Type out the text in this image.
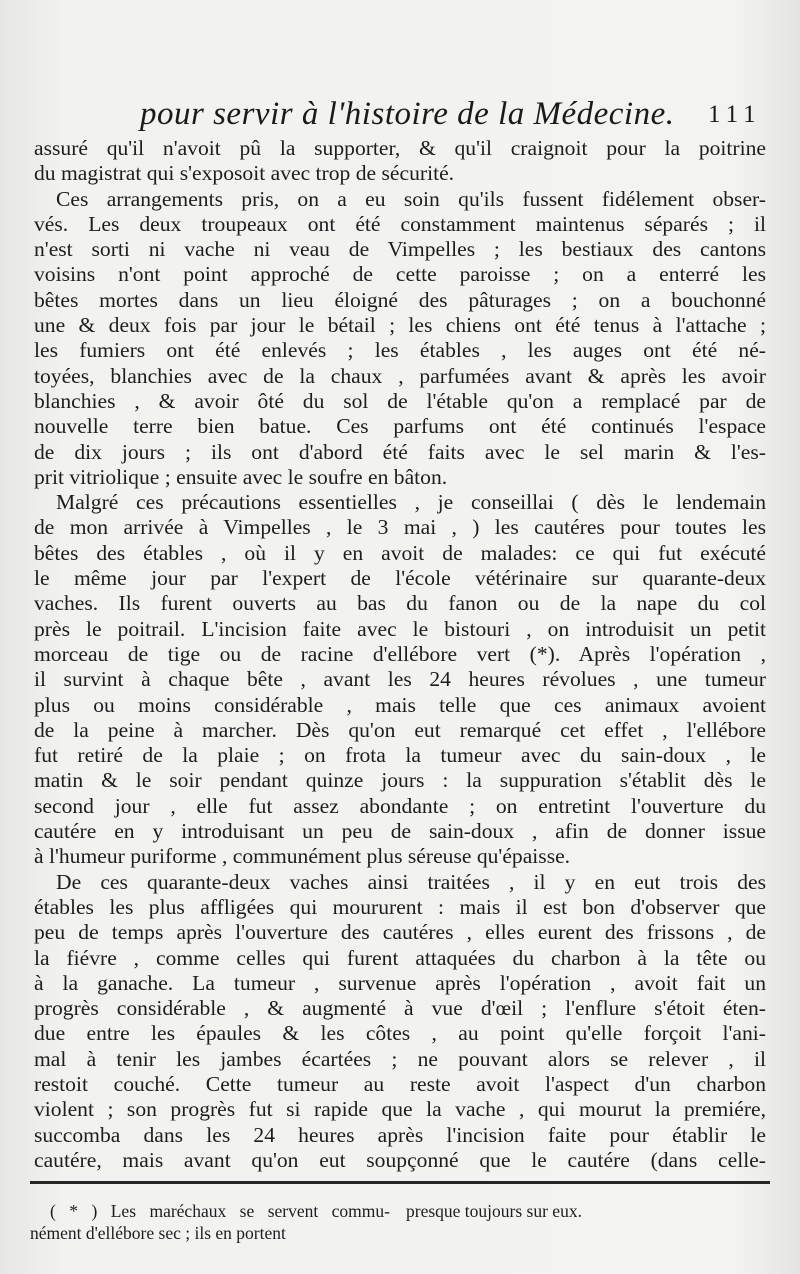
pour servir à l'histoire de la Médecine. 111
assuré qu'il n'avoit pû la supporter, & qu'il craignoit pour la poitrine
du magistrat qui s'exposoit avec trop de sécurité.
Ces arrangements pris, on a eu soin qu'ils fussent fidélement obser-
vés. Les deux troupeaux ont été constamment maintenus séparés ; il
n'est sorti ni vache ni veau de Vimpelles ; les bestiaux des cantons
voisins n'ont point approché de cette paroisse ; on a enterré les
bêtes mortes dans un lieu éloigné des pâturages ; on a bouchonné
une & deux fois par jour le bétail ; les chiens ont été tenus à l'attache ;
les fumiers ont été enlevés ; les étables , les auges ont été né-
toyées, blanchies avec de la chaux , parfumées avant & après les avoir
blanchies , & avoir ôté du sol de l'étable qu'on a remplacé par de
nouvelle terre bien batue. Ces parfums ont été continués l'espace
de dix jours ; ils ont d'abord été faits avec le sel marin & l'es-
prit vitriolique ; ensuite avec le soufre en bâton.
Malgré ces précautions essentielles , je conseillai ( dès le lendemain
de mon arrivée à Vimpelles , le 3 mai , ) les cautéres pour toutes les
bêtes des étables , où il y en avoit de malades: ce qui fut exécuté
le même jour par l'expert de l'école vétérinaire sur quarante-deux
vaches. Ils furent ouverts au bas du fanon ou de la nape du col
près le poitrail. L'incision faite avec le bistouri , on introduisit un petit
morceau de tige ou de racine d'ellébore vert (*). Après l'opération ,
il survint à chaque bête , avant les 24 heures révolues , une tumeur
plus ou moins considérable , mais telle que ces animaux avoient
de la peine à marcher. Dès qu'on eut remarqué cet effet , l'ellébore
fut retiré de la plaie ; on frota la tumeur avec du sain-doux , le
matin & le soir pendant quinze jours : la suppuration s'établit dès le
second jour , elle fut assez abondante ; on entretint l'ouverture du
cautére en y introduisant un peu de sain-doux , afin de donner issue
à l'humeur puriforme , communément plus séreuse qu'épaisse.
De ces quarante-deux vaches ainsi traitées , il y en eut trois des
étables les plus affligées qui moururent : mais il est bon d'observer que
peu de temps après l'ouverture des cautéres , elles eurent des frissons , de
la fiévre , comme celles qui furent attaquées du charbon à la tête ou
à la ganache. La tumeur , survenue après l'opération , avoit fait un
progrès considérable , & augmenté à vue d'œil ; l'enflure s'étoit éten-
due entre les épaules & les côtes , au point qu'elle forçoit l'ani-
mal à tenir les jambes écartées ; ne pouvant alors se relever , il
restoit couché. Cette tumeur au reste avoit l'aspect d'un charbon
violent ; son progrès fut si rapide que la vache , qui mourut la premiére,
succomba dans les 24 heures après l'incision faite pour établir le
cautére, mais avant qu'on eut soupçonné que le cautére (dans celle-
( * ) Les maréchaux se servent commu-
nément d'ellébore sec ; ils en portent
presque toujours sur eux.
